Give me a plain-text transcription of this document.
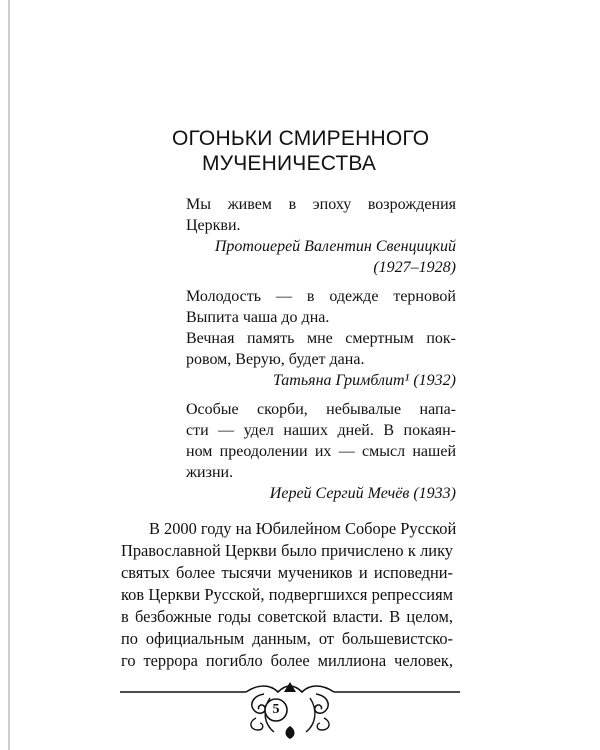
ОГОНЬКИ СМИРЕННОГО
МУЧЕНИЧЕСТВА
Мы живем в эпоху возрождения
Церкви.
Протоиерей Валентин Свенцицкий
(1927–1928)
Молодость — в одежде терновой
Выпита чаша до дна.
Вечная память мне смертным пок-
ровом, Верую, будет дана.
Татьяна Гримблит¹ (1932)
Особые скорби, небывалые напа-
сти — удел наших дней. В покаян-
ном преодолении их — смысл нашей
жизни.
Иерей Сергий Мечёв (1933)
В 2000 году на Юбилейном Соборе Русской
Православной Церкви было причислено к лику
святых более тысячи мучеников и исповедни-
ков Церкви Русской, подвергшихся репрессиям
в безбожные годы советской власти. В целом,
по официальным данным, от большевистско-
го террора погибло более миллиона человек,
5
